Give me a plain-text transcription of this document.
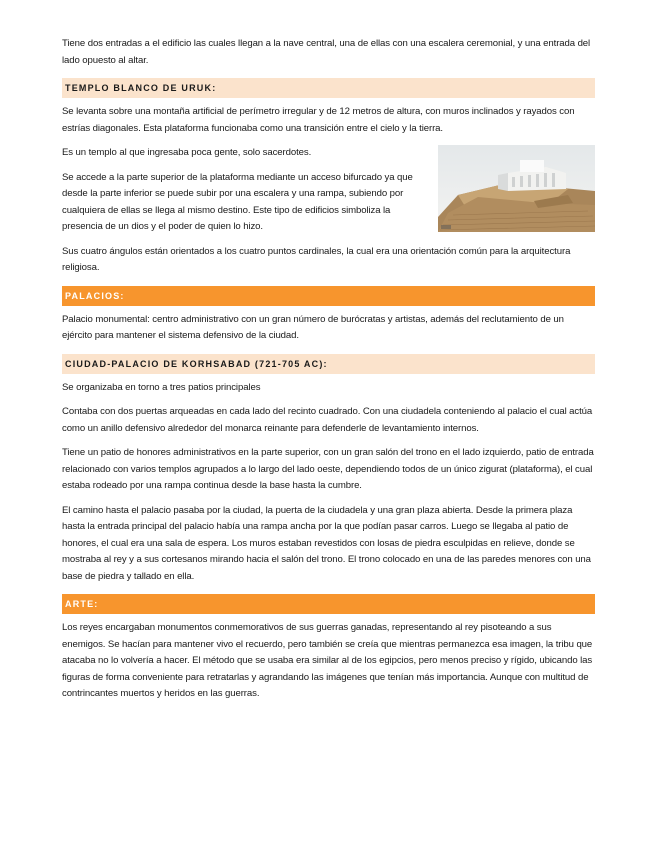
Tiene dos entradas a el edificio las cuales llegan a la nave central, una de ellas con una escalera ceremonial, y una entrada del lado opuesto al altar.

TEMPLO BLANCO DE URUK:

Se levanta sobre una montaña artificial de perímetro irregular y de 12 metros de altura, con muros inclinados y rayados con estrías diagonales. Esta plataforma funcionaba como una transición entre el cielo y la tierra.

Es un templo al que ingresaba poca gente, solo sacerdotes.

Se accede a la parte superior de la plataforma mediante un acceso bifurcado ya que desde la parte inferior se puede subir por una escalera y una rampa, subiendo por cualquiera de ellas se llega al mismo destino. Este tipo de edificios simboliza la presencia de un dios y el poder de quien lo hizo.

Sus cuatro ángulos están orientados a los cuatro puntos cardinales, la cual era una orientación común para la arquitectura religiosa.

PALACIOS:

Palacio monumental: centro administrativo con un gran número de burócratas y artistas, además del reclutamiento de un ejército para mantener el sistema defensivo de la ciudad.

CIUDAD-PALACIO DE KORHSABAD (721-705 AC):

Se organizaba en torno a tres patios principales

Contaba con dos puertas arqueadas en cada lado del recinto cuadrado. Con una ciudadela conteniendo al palacio el cual actúa como un anillo defensivo alrededor del monarca reinante para defenderle de levantamiento internos.

Tiene un patio de honores administrativos en la parte superior, con un gran salón del trono en el lado izquierdo, patio de entrada relacionado con varios templos agrupados a lo largo del lado oeste, dependiendo todos de un único zigurat (plataforma), el cual estaba rodeado por una rampa continua desde la base hasta la cumbre.

El camino hasta el palacio pasaba por la ciudad, la puerta de la ciudadela y una gran plaza abierta. Desde la primera plaza hasta la entrada principal del palacio había una rampa ancha por la que podían pasar carros. Luego se llegaba al patio de honores, el cual era una sala de espera. Los muros estaban revestidos con losas de piedra esculpidas en relieve, donde se mostraba al rey y a sus cortesanos mirando hacia el salón del trono. El trono colocado en una de las paredes menores con una base de piedra y tallado en ella.

ARTE:

Los reyes encargaban monumentos conmemorativos de sus guerras ganadas, representando al rey pisoteando a sus enemigos. Se hacían para mantener vivo el recuerdo, pero también se creía que mientras permanezca esa imagen, la tribu que atacaba no lo volvería a hacer. El método que se usaba era similar al de los egipcios, pero menos preciso y rígido, ubicando las figuras de forma conveniente para retratarlas y agrandando las imágenes que tenían más importancia. Aunque con multitud de contrincantes muertos y heridos en las guerras.
